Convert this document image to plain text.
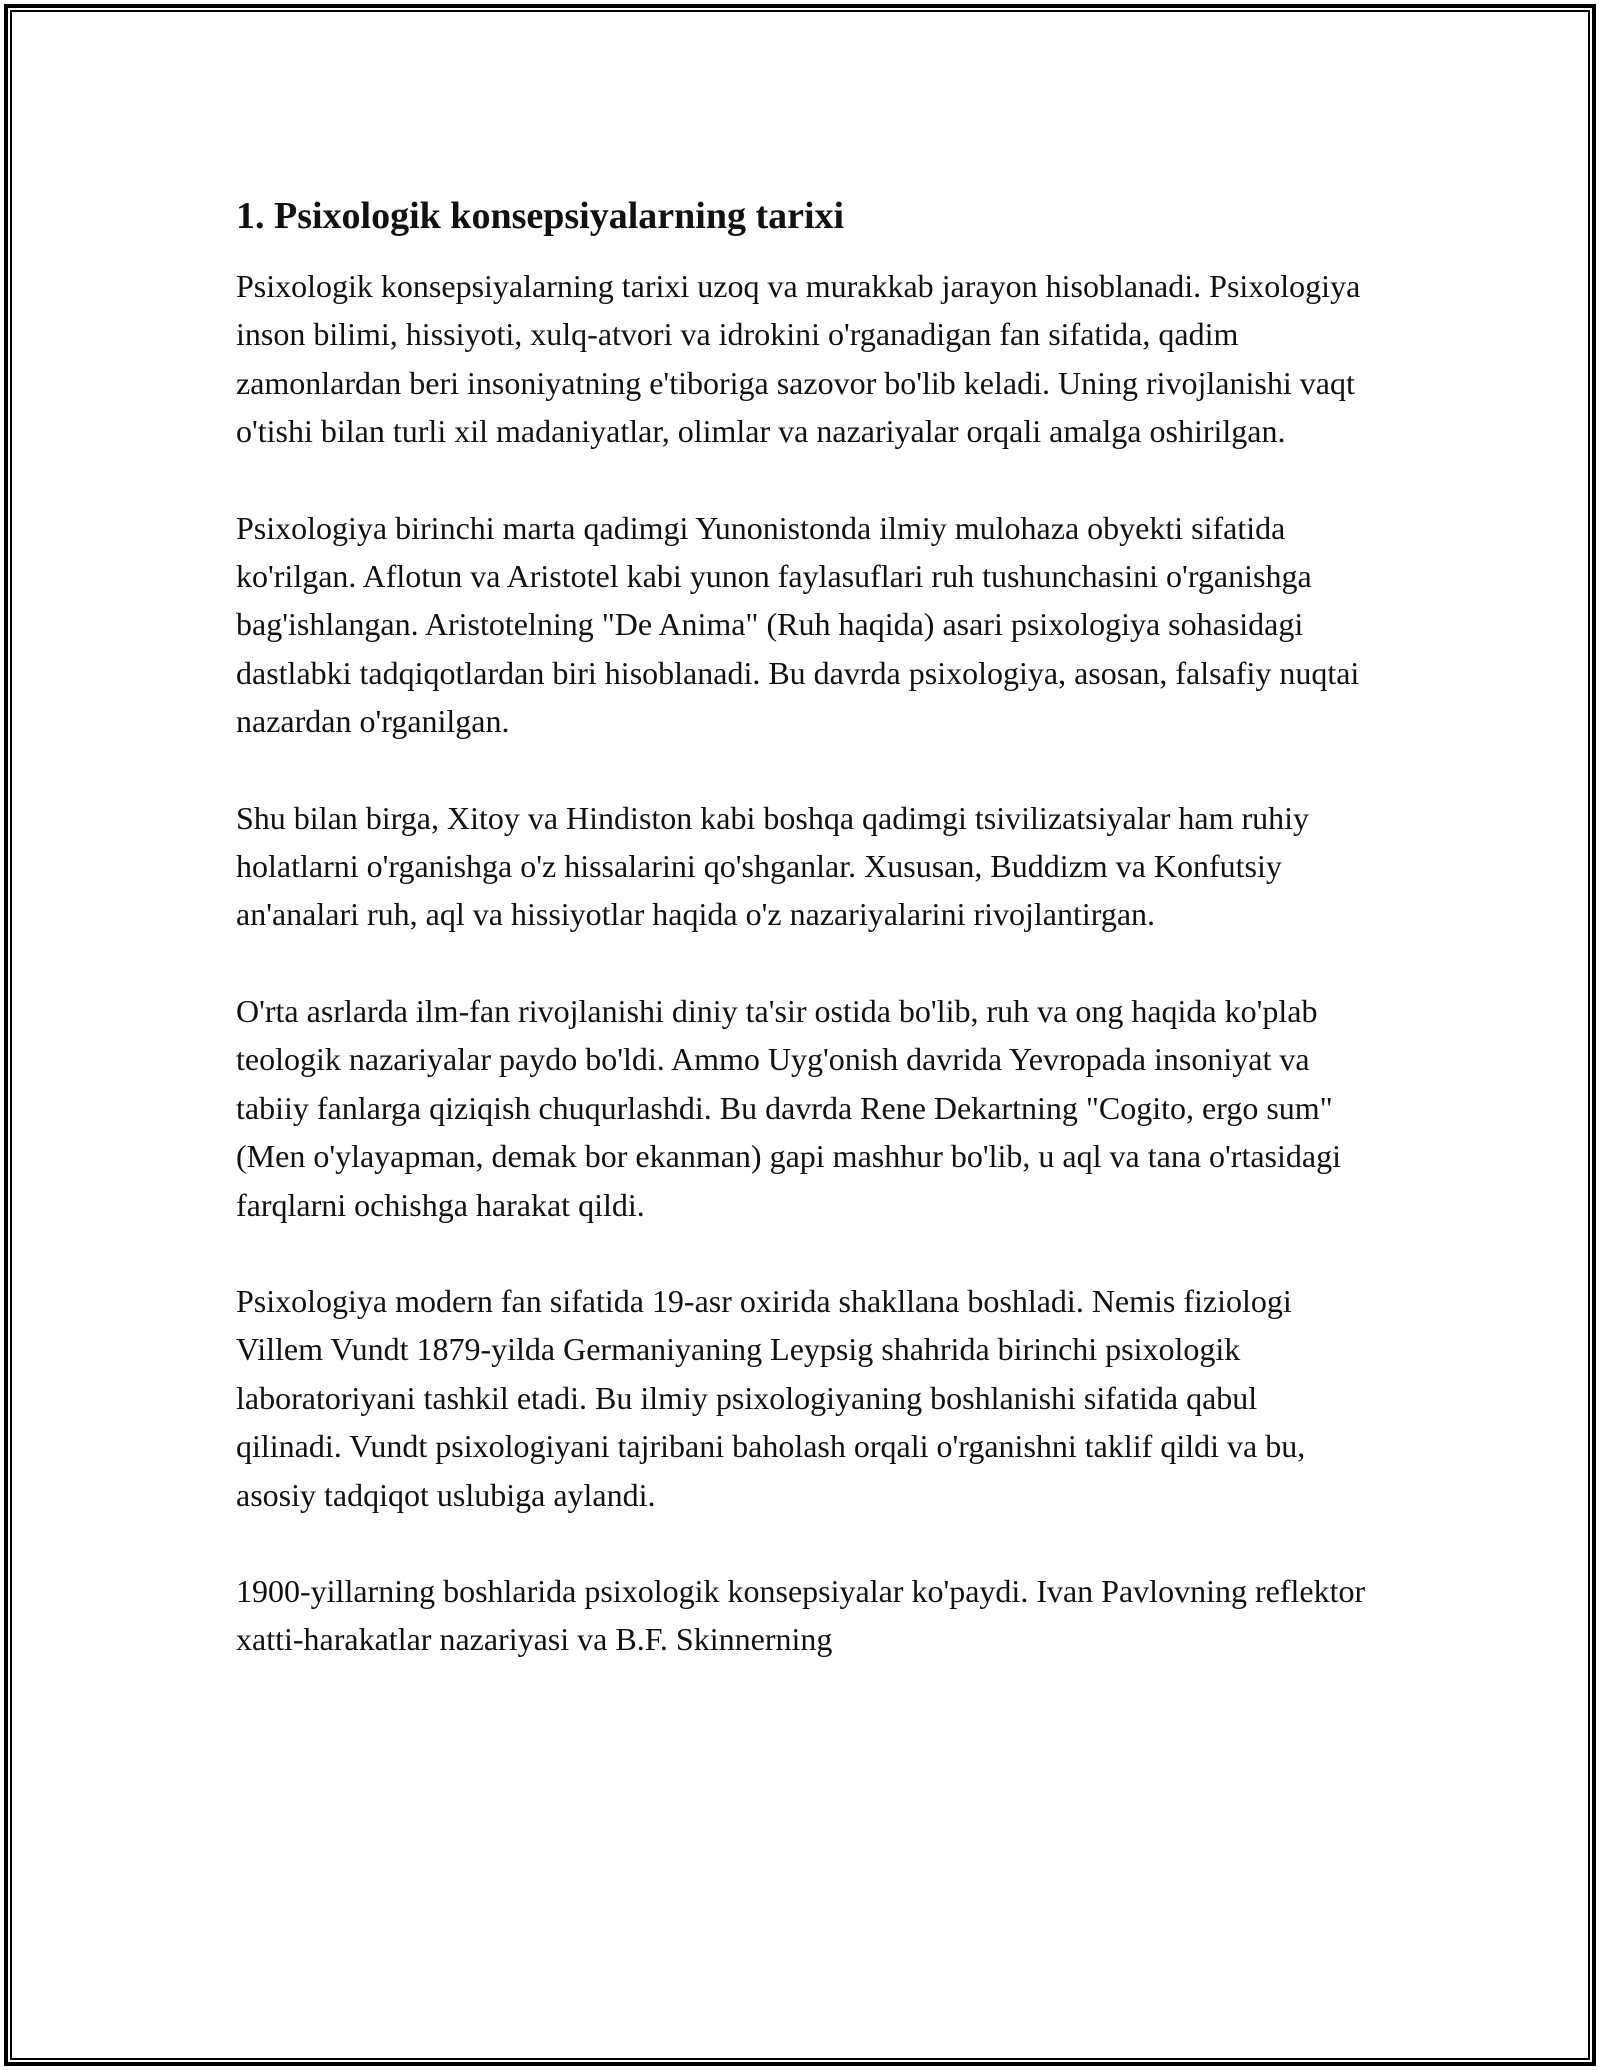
1. Psixologik konsepsiyalarning tarixi

Psixologik konsepsiyalarning tarixi uzoq va murakkab jarayon hisoblanadi. Psixologiya inson bilimi, hissiyoti, xulq-atvori va idrokini o'rganadigan fan sifatida, qadim zamonlardan beri insoniyatning e'tiboriga sazovor bo'lib keladi. Uning rivojlanishi vaqt o'tishi bilan turli xil madaniyatlar, olimlar va nazariyalar orqali amalga oshirilgan.

Psixologiya birinchi marta qadimgi Yunonistonda ilmiy mulohaza obyekti sifatida ko'rilgan. Aflotun va Aristotel kabi yunon faylasuflari ruh tushunchasini o'rganishga bag'ishlangan. Aristotelning "De Anima" (Ruh haqida) asari psixologiya sohasidagi dastlabki tadqiqotlardan biri hisoblanadi. Bu davrda psixologiya, asosan, falsafiy nuqtai nazardan o'rganilgan.

Shu bilan birga, Xitoy va Hindiston kabi boshqa qadimgi tsivilizatsiyalar ham ruhiy holatlarni o'rganishga o'z hissalarini qo'shganlar. Xususan, Buddizm va Konfutsiy an'analari ruh, aql va hissiyotlar haqida o'z nazariyalarini rivojlantirgan.

O'rta asrlarda ilm-fan rivojlanishi diniy ta'sir ostida bo'lib, ruh va ong haqida ko'plab teologik nazariyalar paydo bo'ldi. Ammo Uyg'onish davrida Yevropada insoniyat va tabiiy fanlarga qiziqish chuqurlashdi. Bu davrda Rene Dekartning "Cogito, ergo sum" (Men o'ylayapman, demak bor ekanman) gapi mashhur bo'lib, u aql va tana o'rtasidagi farqlarni ochishga harakat qildi.

Psixologiya modern fan sifatida 19-asr oxirida shakllana boshladi. Nemis fiziologi Villem Vundt 1879-yilda Germaniyaning Leypsig shahrida birinchi psixologik laboratoriyani tashkil etadi. Bu ilmiy psixologiyaning boshlanishi sifatida qabul qilinadi. Vundt psixologiyani tajribani baholash orqali o'rganishni taklif qildi va bu, asosiy tadqiqot uslubiga aylandi.

1900-yillarning boshlarida psixologik konsepsiyalar ko'paydi. Ivan Pavlovning reflektor xatti-harakatlar nazariyasi va B.F. Skinnerning
